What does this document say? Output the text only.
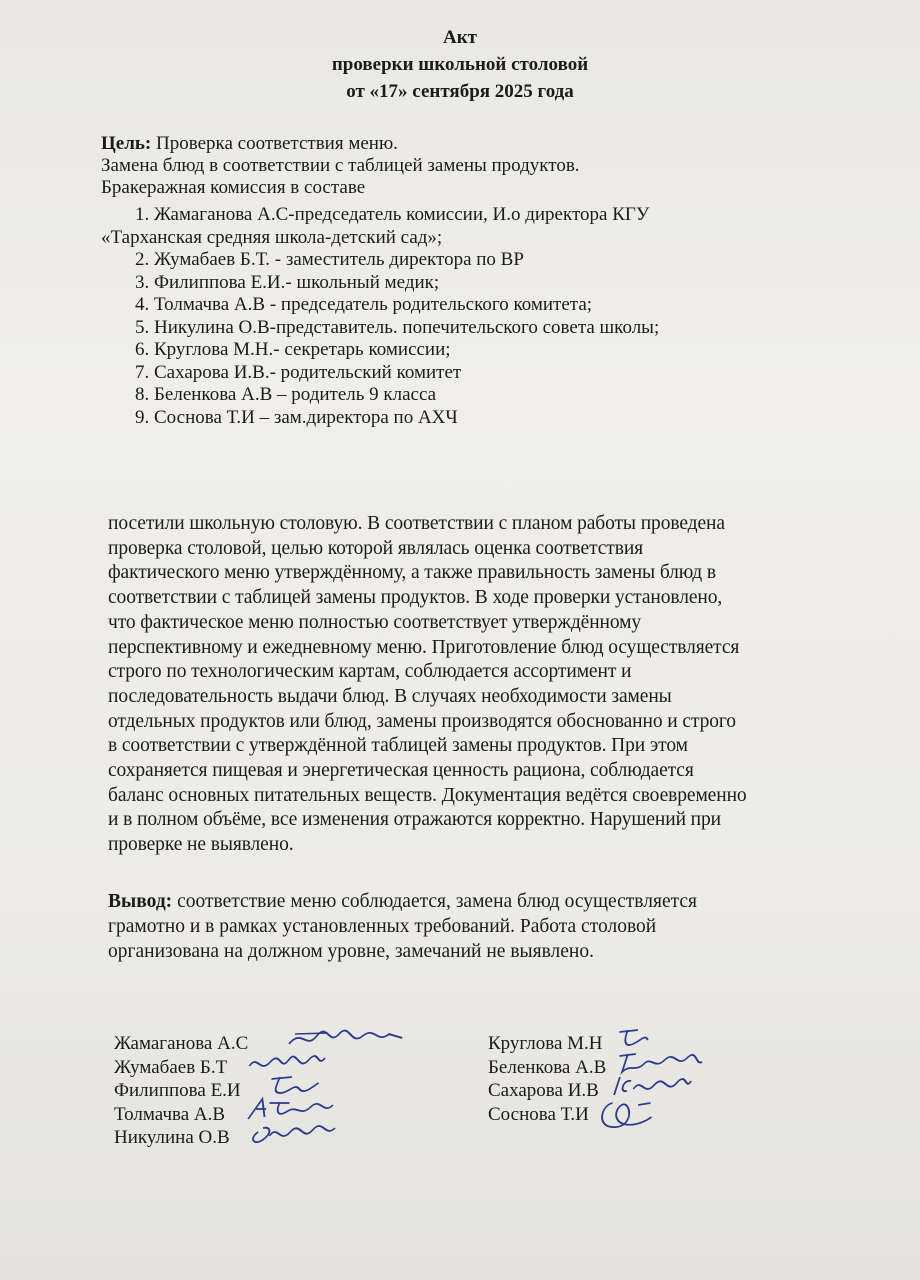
Акт
проверки школьной столовой
от «17» сентября 2025 года
Цель: Проверка соответствия меню.
Замена блюд в соответствии с таблицей замены продуктов.
Бракеражная комиссия в составе
1. Жамаганова А.С-председатель комиссии, И.о директора КГУ
«Тарханская средняя школа-детский сад»;
2. Жумабаев Б.Т. - заместитель директора по ВР
3. Филиппова Е.И.- школьный медик;
4. Толмачва А.В - председатель родительского комитета;
5. Никулина О.В-представитель. попечительского совета школы;
6. Круглова М.Н.- секретарь комиссии;
7. Сахарова И.В.- родительский комитет
8. Беленкова А.В – родитель 9 класса
9. Соснова Т.И – зам.директора по АХЧ
посетили школьную столовую. В соответствии с планом работы проведена
проверка столовой, целью которой являлась оценка соответствия
фактического меню утверждённому, а также правильность замены блюд в
соответствии с таблицей замены продуктов. В ходе проверки установлено,
что фактическое меню полностью соответствует утверждённому
перспективному и ежедневному меню. Приготовление блюд осуществляется
строго по технологическим картам, соблюдается ассортимент и
последовательность выдачи блюд. В случаях необходимости замены
отдельных продуктов или блюд, замены производятся обоснованно и строго
в соответствии с утверждённой таблицей замены продуктов. При этом
сохраняется пищевая и энергетическая ценность рациона, соблюдается
баланс основных питательных веществ. Документация ведётся своевременно
и в полном объёме, все изменения отражаются корректно. Нарушений при
проверке не выявлено.
Вывод: соответствие меню соблюдается, замена блюд осуществляется
грамотно и в рамках установленных требований. Работа столовой
организована на должном уровне, замечаний не выявлено.
Жамаганова А.С
Жумабаев Б.Т
Филиппова Е.И
Толмачва А.В
Никулина О.В
Круглова М.Н
Беленкова А.В
Сахарова И.В
Соснова Т.И
